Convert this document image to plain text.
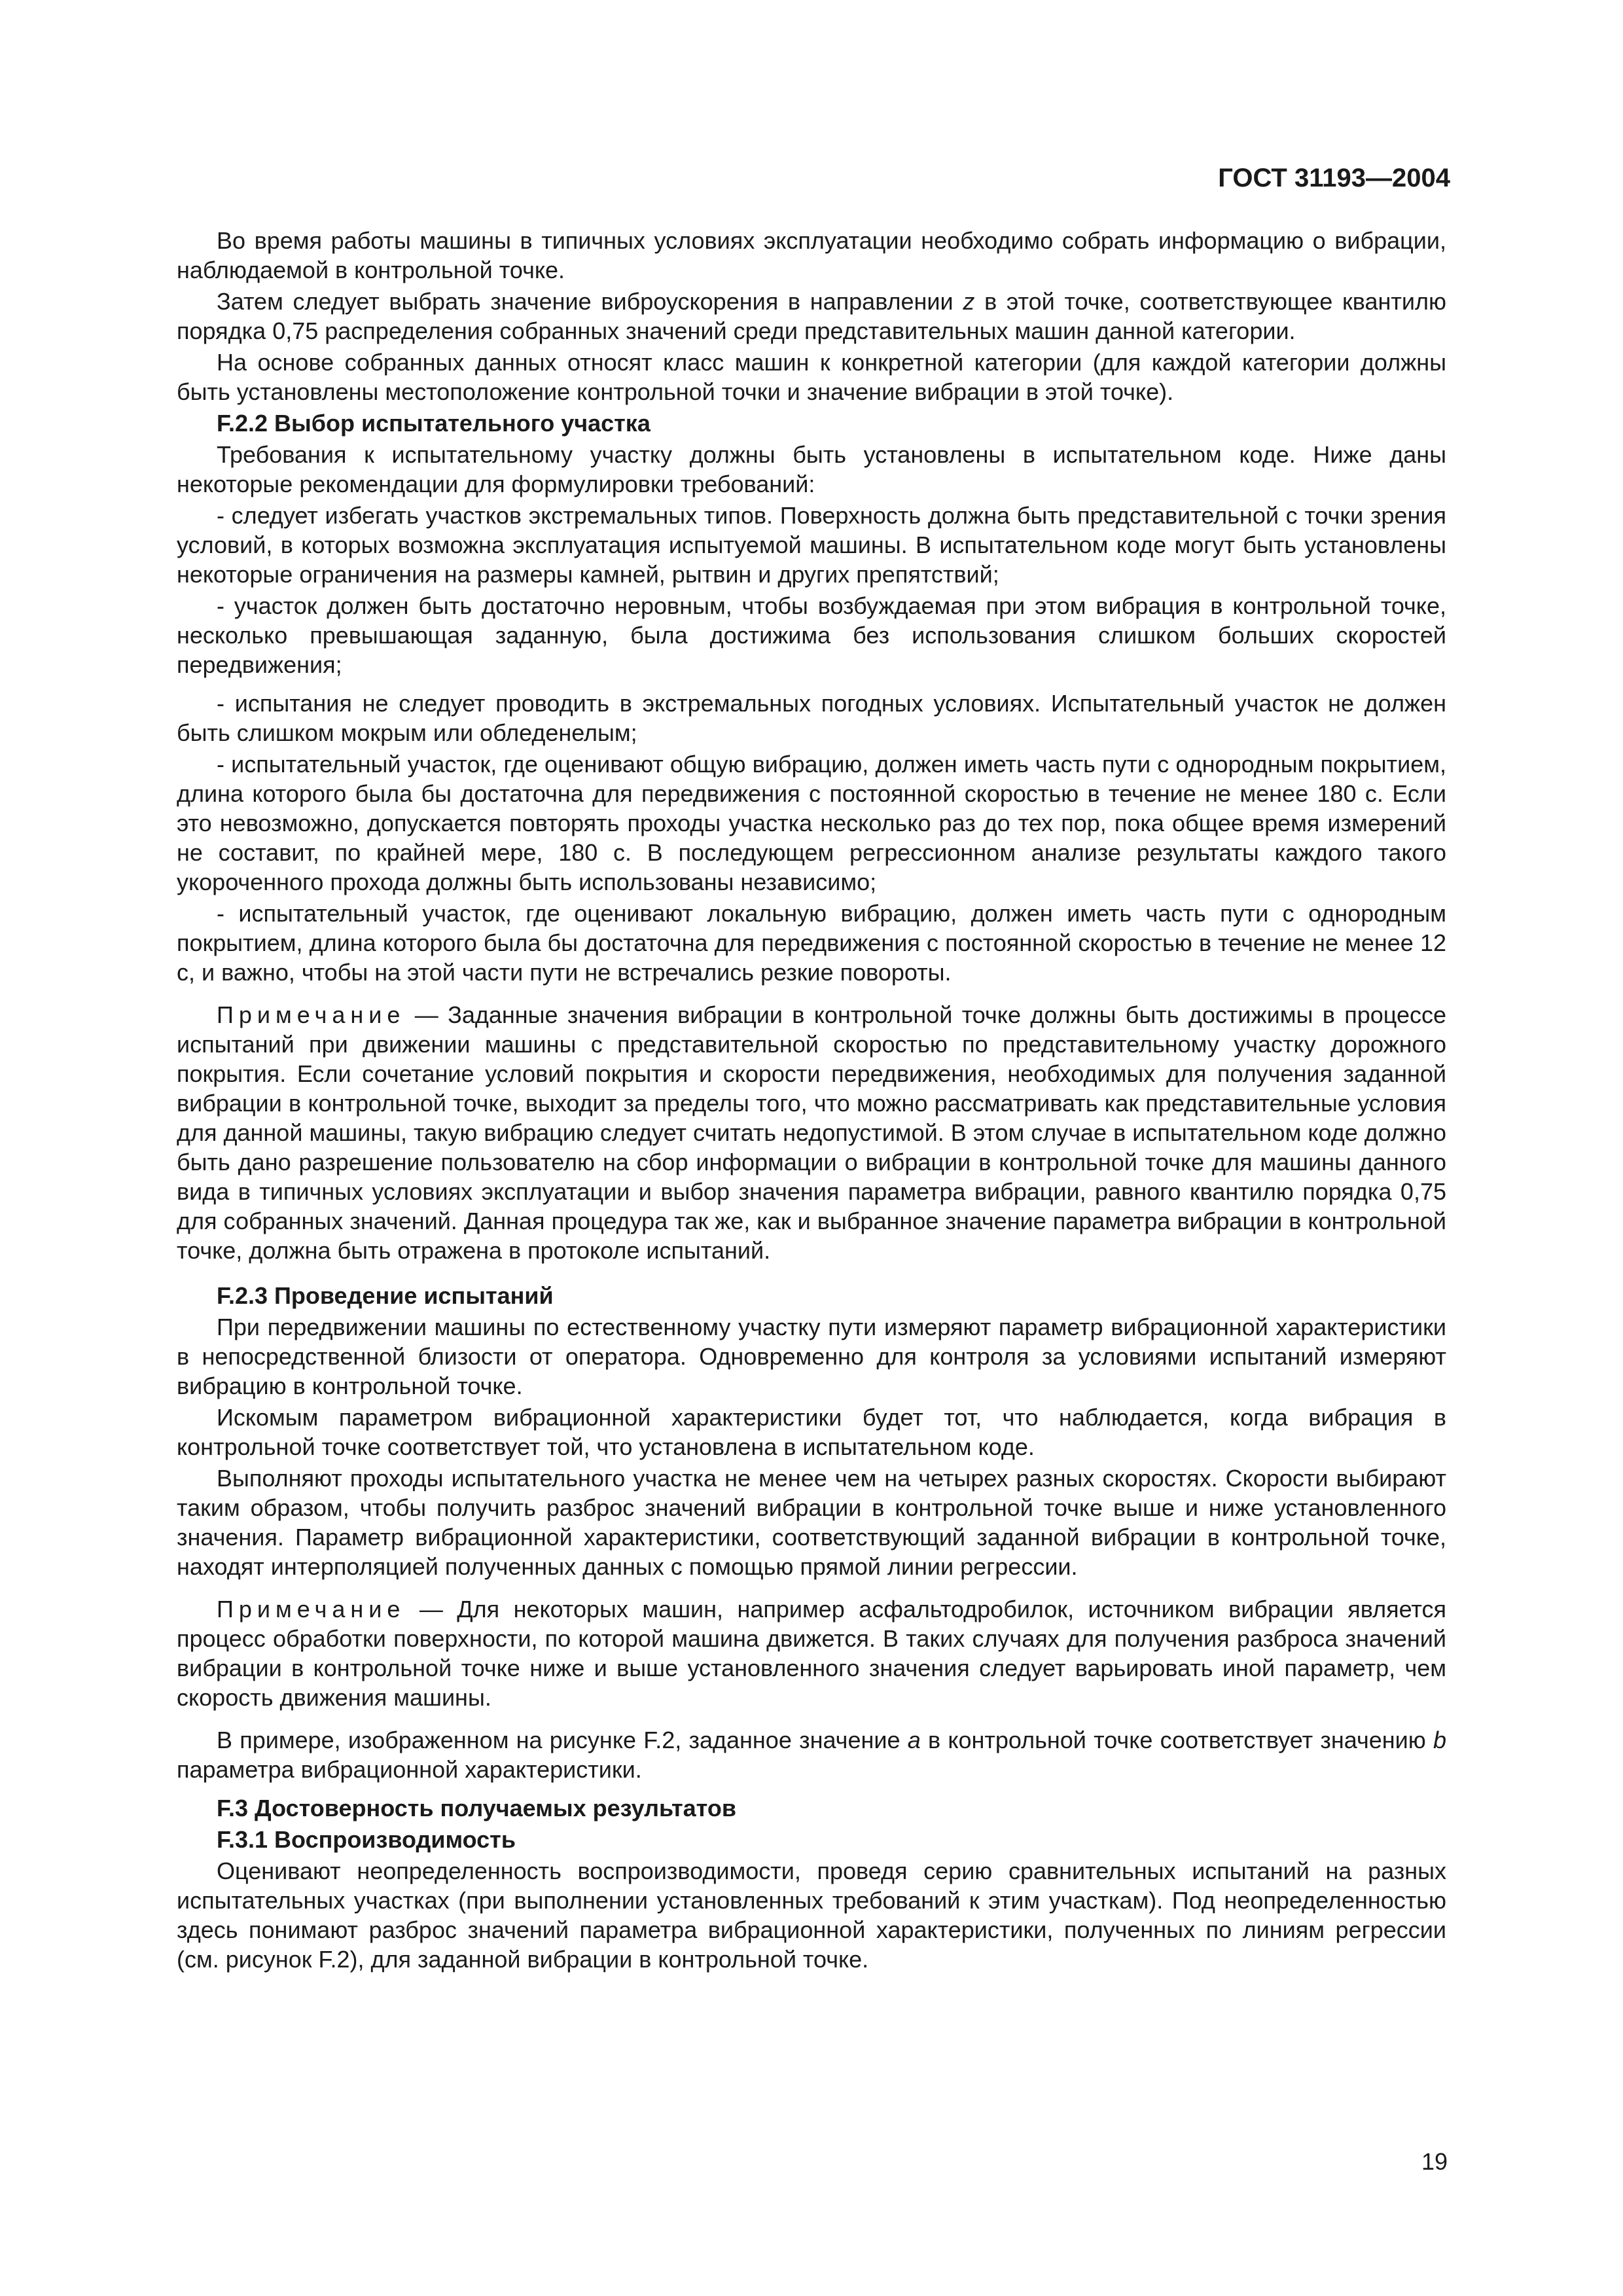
ГОСТ 31193—2004

Во время работы машины в типичных условиях эксплуатации необходимо собрать информацию о вибрации, наблюдаемой в контрольной точке.

Затем следует выбрать значение виброускорения в направлении z в этой точке, соответствующее квантилю порядка 0,75 распределения собранных значений среди представительных машин данной категории.

На основе собранных данных относят класс машин к конкретной категории (для каждой категории должны быть установлены местоположение контрольной точки и значение вибрации в этой точке).

F.2.2 Выбор испытательного участка

Требования к испытательному участку должны быть установлены в испытательном коде. Ниже даны некоторые рекомендации для формулировки требований:

- следует избегать участков экстремальных типов. Поверхность должна быть представительной с точки зрения условий, в которых возможна эксплуатация испытуемой машины. В испытательном коде могут быть установлены некоторые ограничения на размеры камней, рытвин и других препятствий;

- участок должен быть достаточно неровным, чтобы возбуждаемая при этом вибрация в контрольной точке, несколько превышающая заданную, была достижима без использования слишком больших скоростей передвижения;

- испытания не следует проводить в экстремальных погодных условиях. Испытательный участок не должен быть слишком мокрым или обледенелым;

- испытательный участок, где оценивают общую вибрацию, должен иметь часть пути с однородным покрытием, длина которого была бы достаточна для передвижения с постоянной скоростью в течение не менее 180 с. Если это невозможно, допускается повторять проходы участка несколько раз до тех пор, пока общее время измерений не составит, по крайней мере, 180 с. В последующем регрессионном анализе результаты каждого такого укороченного прохода должны быть использованы независимо;

- испытательный участок, где оценивают локальную вибрацию, должен иметь часть пути с однородным покрытием, длина которого была бы достаточна для передвижения с постоянной скоростью в течение не менее 12 с, и важно, чтобы на этой части пути не встречались резкие повороты.

Примечание — Заданные значения вибрации в контрольной точке должны быть достижимы в процессе испытаний при движении машины с представительной скоростью по представительному участку дорожного покрытия. Если сочетание условий покрытия и скорости передвижения, необходимых для получения заданной вибрации в контрольной точке, выходит за пределы того, что можно рассматривать как представительные условия для данной машины, такую вибрацию следует считать недопустимой. В этом случае в испытательном коде должно быть дано разрешение пользователю на сбор информации о вибрации в контрольной точке для машины данного вида в типичных условиях эксплуатации и выбор значения параметра вибрации, равного квантилю порядка 0,75 для собранных значений. Данная процедура так же, как и выбранное значение параметра вибрации в контрольной точке, должна быть отражена в протоколе испытаний.

F.2.3 Проведение испытаний

При передвижении машины по естественному участку пути измеряют параметр вибрационной характеристики в непосредственной близости от оператора. Одновременно для контроля за условиями испытаний измеряют вибрацию в контрольной точке.

Искомым параметром вибрационной характеристики будет тот, что наблюдается, когда вибрация в контрольной точке соответствует той, что установлена в испытательном коде.

Выполняют проходы испытательного участка не менее чем на четырех разных скоростях. Скорости выбирают таким образом, чтобы получить разброс значений вибрации в контрольной точке выше и ниже установленного значения. Параметр вибрационной характеристики, соответствующий заданной вибрации в контрольной точке, находят интерполяцией полученных данных с помощью прямой линии регрессии.

Примечание — Для некоторых машин, например асфальтодробилок, источником вибрации является процесс обработки поверхности, по которой машина движется. В таких случаях для получения разброса значений вибрации в контрольной точке ниже и выше установленного значения следует варьировать иной параметр, чем скорость движения машины.

В примере, изображенном на рисунке F.2, заданное значение a в контрольной точке соответствует значению b параметра вибрационной характеристики.

F.3 Достоверность получаемых результатов

F.3.1 Воспроизводимость

Оценивают неопределенность воспроизводимости, проведя серию сравнительных испытаний на разных испытательных участках (при выполнении установленных требований к этим участкам). Под неопределенностью здесь понимают разброс значений параметра вибрационной характеристики, полученных по линиям регрессии (см. рисунок F.2), для заданной вибрации в контрольной точке.

19
